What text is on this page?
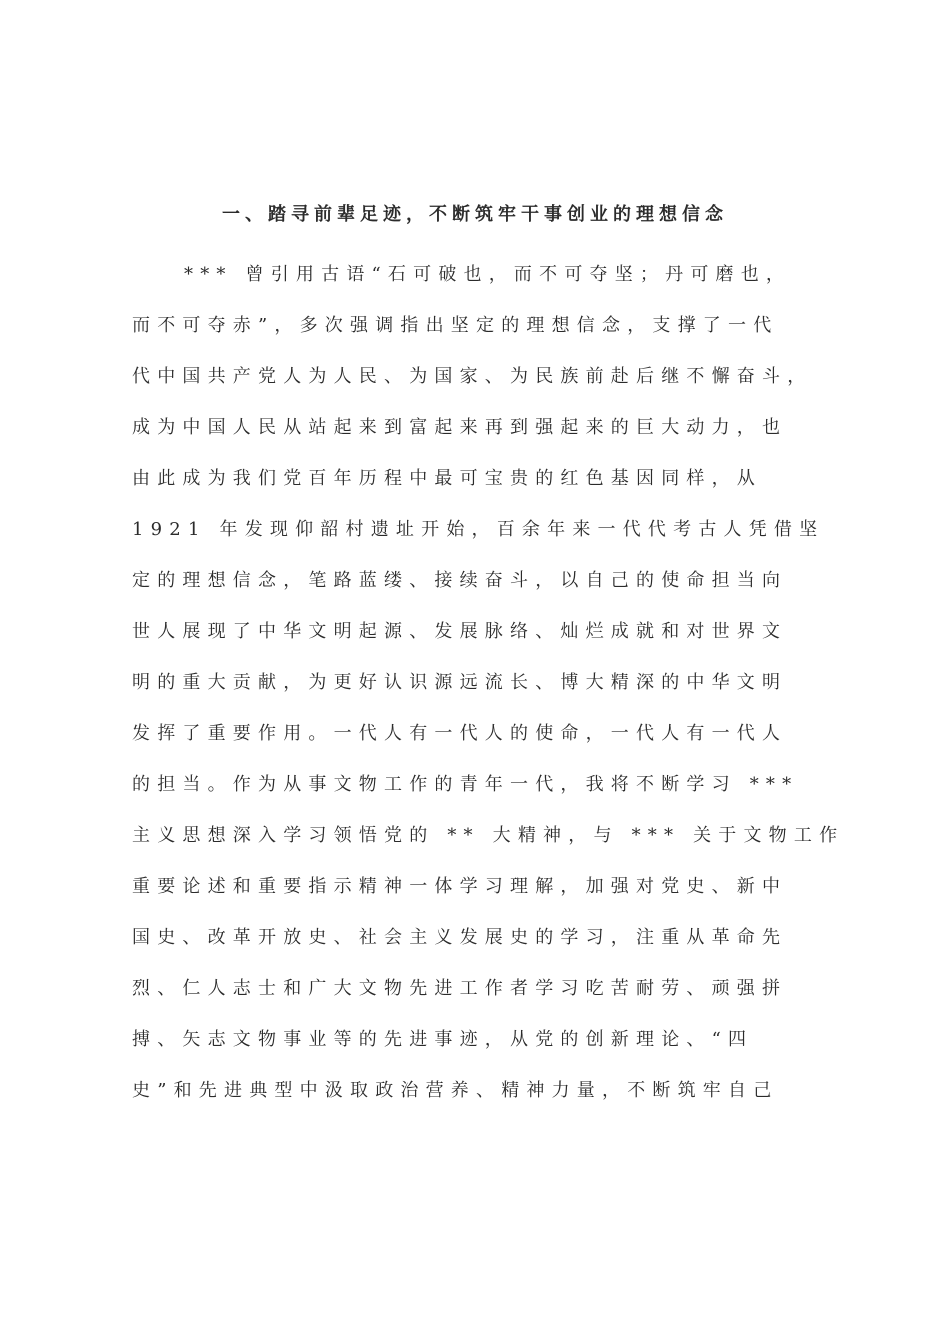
一、踏寻前辈足迹，不断筑牢干事创业的理想信念
*** 曾引用古语“石可破也，而不可夺坚；丹可磨也，
而不可夺赤”，多次强调指出坚定的理想信念，支撑了一代
代中国共产党人为人民、为国家、为民族前赴后继不懈奋斗，
成为中国人民从站起来到富起来再到强起来的巨大动力，也
由此成为我们党百年历程中最可宝贵的红色基因同样，从
1921 年发现仰韶村遗址开始，百余年来一代代考古人凭借坚
定的理想信念，笔路蓝缕、接续奋斗，以自己的使命担当向
世人展现了中华文明起源、发展脉络、灿烂成就和对世界文
明的重大贡献，为更好认识源远流长、博大精深的中华文明
发挥了重要作用。一代人有一代人的使命，一代人有一代人
的担当。作为从事文物工作的青年一代，我将不断学习 ***
主义思想深入学习领悟党的 ** 大精神，与 *** 关于文物工作
重要论述和重要指示精神一体学习理解，加强对党史、新中
国史、改革开放史、社会主义发展史的学习，注重从革命先
烈、仁人志士和广大文物先进工作者学习吃苦耐劳、顽强拼
搏、矢志文物事业等的先进事迹，从党的创新理论、“四
史”和先进典型中汲取政治营养、精神力量，不断筑牢自己
